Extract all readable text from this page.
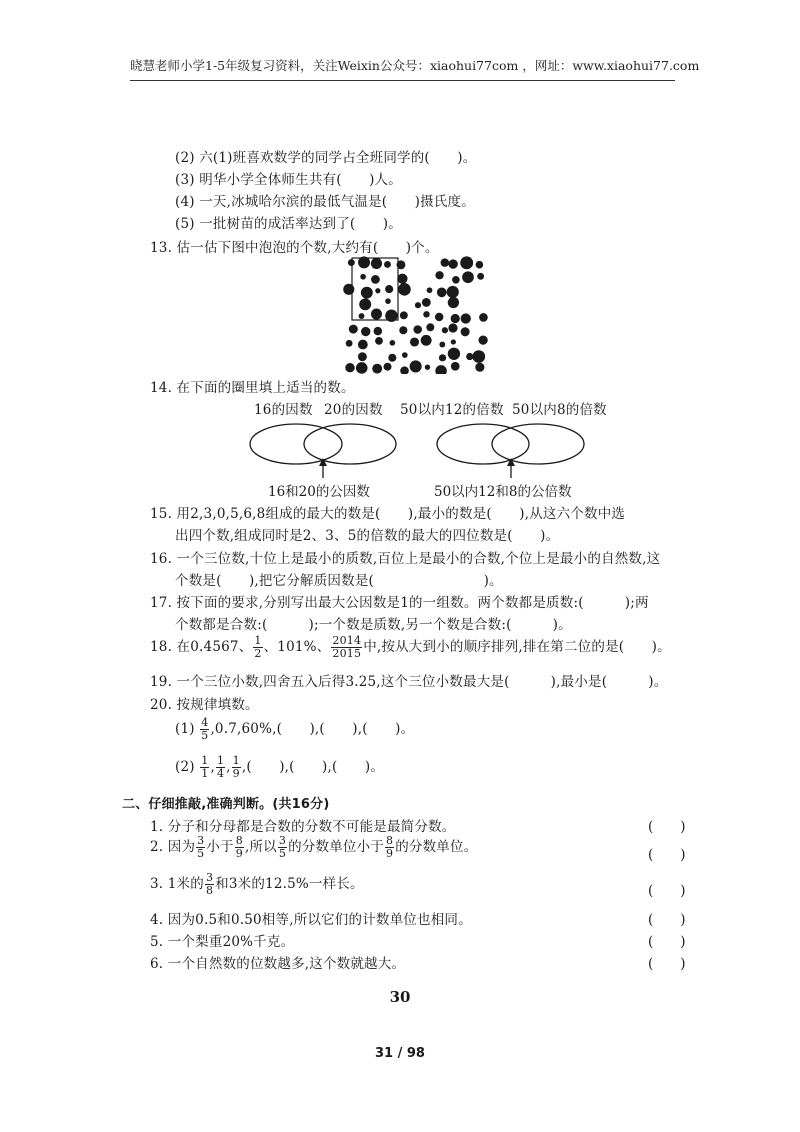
晓慧老师小学1-5年级复习资料，关注Weixin公众号：xiaohui77com ，网址：www.xiaohui77.com
(2) 六(1)班喜欢数学的同学占全班同学的(　　)。
(3) 明华小学全体师生共有(　　)人。
(4) 一天,冰城哈尔滨的最低气温是(　　)摄氏度。
(5) 一批树苗的成活率达到了(　　)。
13. 估一估下图中泡泡的个数,大约有(　　)个。
14. 在下面的圈里填上适当的数。
16的因数 20的因数 50以内12的倍数 50以内8的倍数
16和20的公因数	50以内12和8的公倍数
15. 用2,3,0,5,6,8组成的最大的数是(　　),最小的数是(　　),从这六个数中选
出四个数,组成同时是2、3、5的倍数的最大的四位数是(　　)。
16. 一个三位数,十位上是最小的质数,百位上是最小的合数,个位上是最小的自然数,这
个数是(　　),把它分解质因数是(　　　　　　　　)。
17. 按下面的要求,分别写出最大公因数是1的一组数。两个数都是质数:(　　　);两
个数都是合数:(　　　);一个数是质数,另一个数是合数:(　　　)。
18. 在0.4567、 $\frac{1}{2}$ 、101%、 $\frac{2014}{2015}$ 中,按从大到小的顺序排列,排在第二位的是(　　)。
19. 一个三位小数,四舍五入后得3.25,这个三位小数最大是(　　　),最小是(　　　)。
20. 按规律填数。
$(1) \frac{4}{5} ,0.7,60\%$,(　　),(　　),(　　)。
$(2) \frac{1}{1}$ , $\frac{1}{4}$ , $\frac{1}{9}$ ,(　　),(　　),(　　)。
二、仔细推敲,准确判断。(共16分)
1. 分子和分母都是合数的分数不可能是最简分数。	(　　)
2. 因为 $\frac{3}{5}$ 小于 $\frac{8}{9}$ ,所以 $\frac{3}{5}$ 的分数单位小于 $\frac{8}{9}$ 的分数单位。	(　　)
3. 1米的 $\frac{3}{8}$ 和3米的12.5%一样长。	(　　)
4. 因为0.5和0.50相等,所以它们的计数单位也相同。	(　　)
5. 一个梨重20%千克。	(　　)
6. 一个自然数的位数越多,这个数就越大。	(　　)
30
31 / 98
